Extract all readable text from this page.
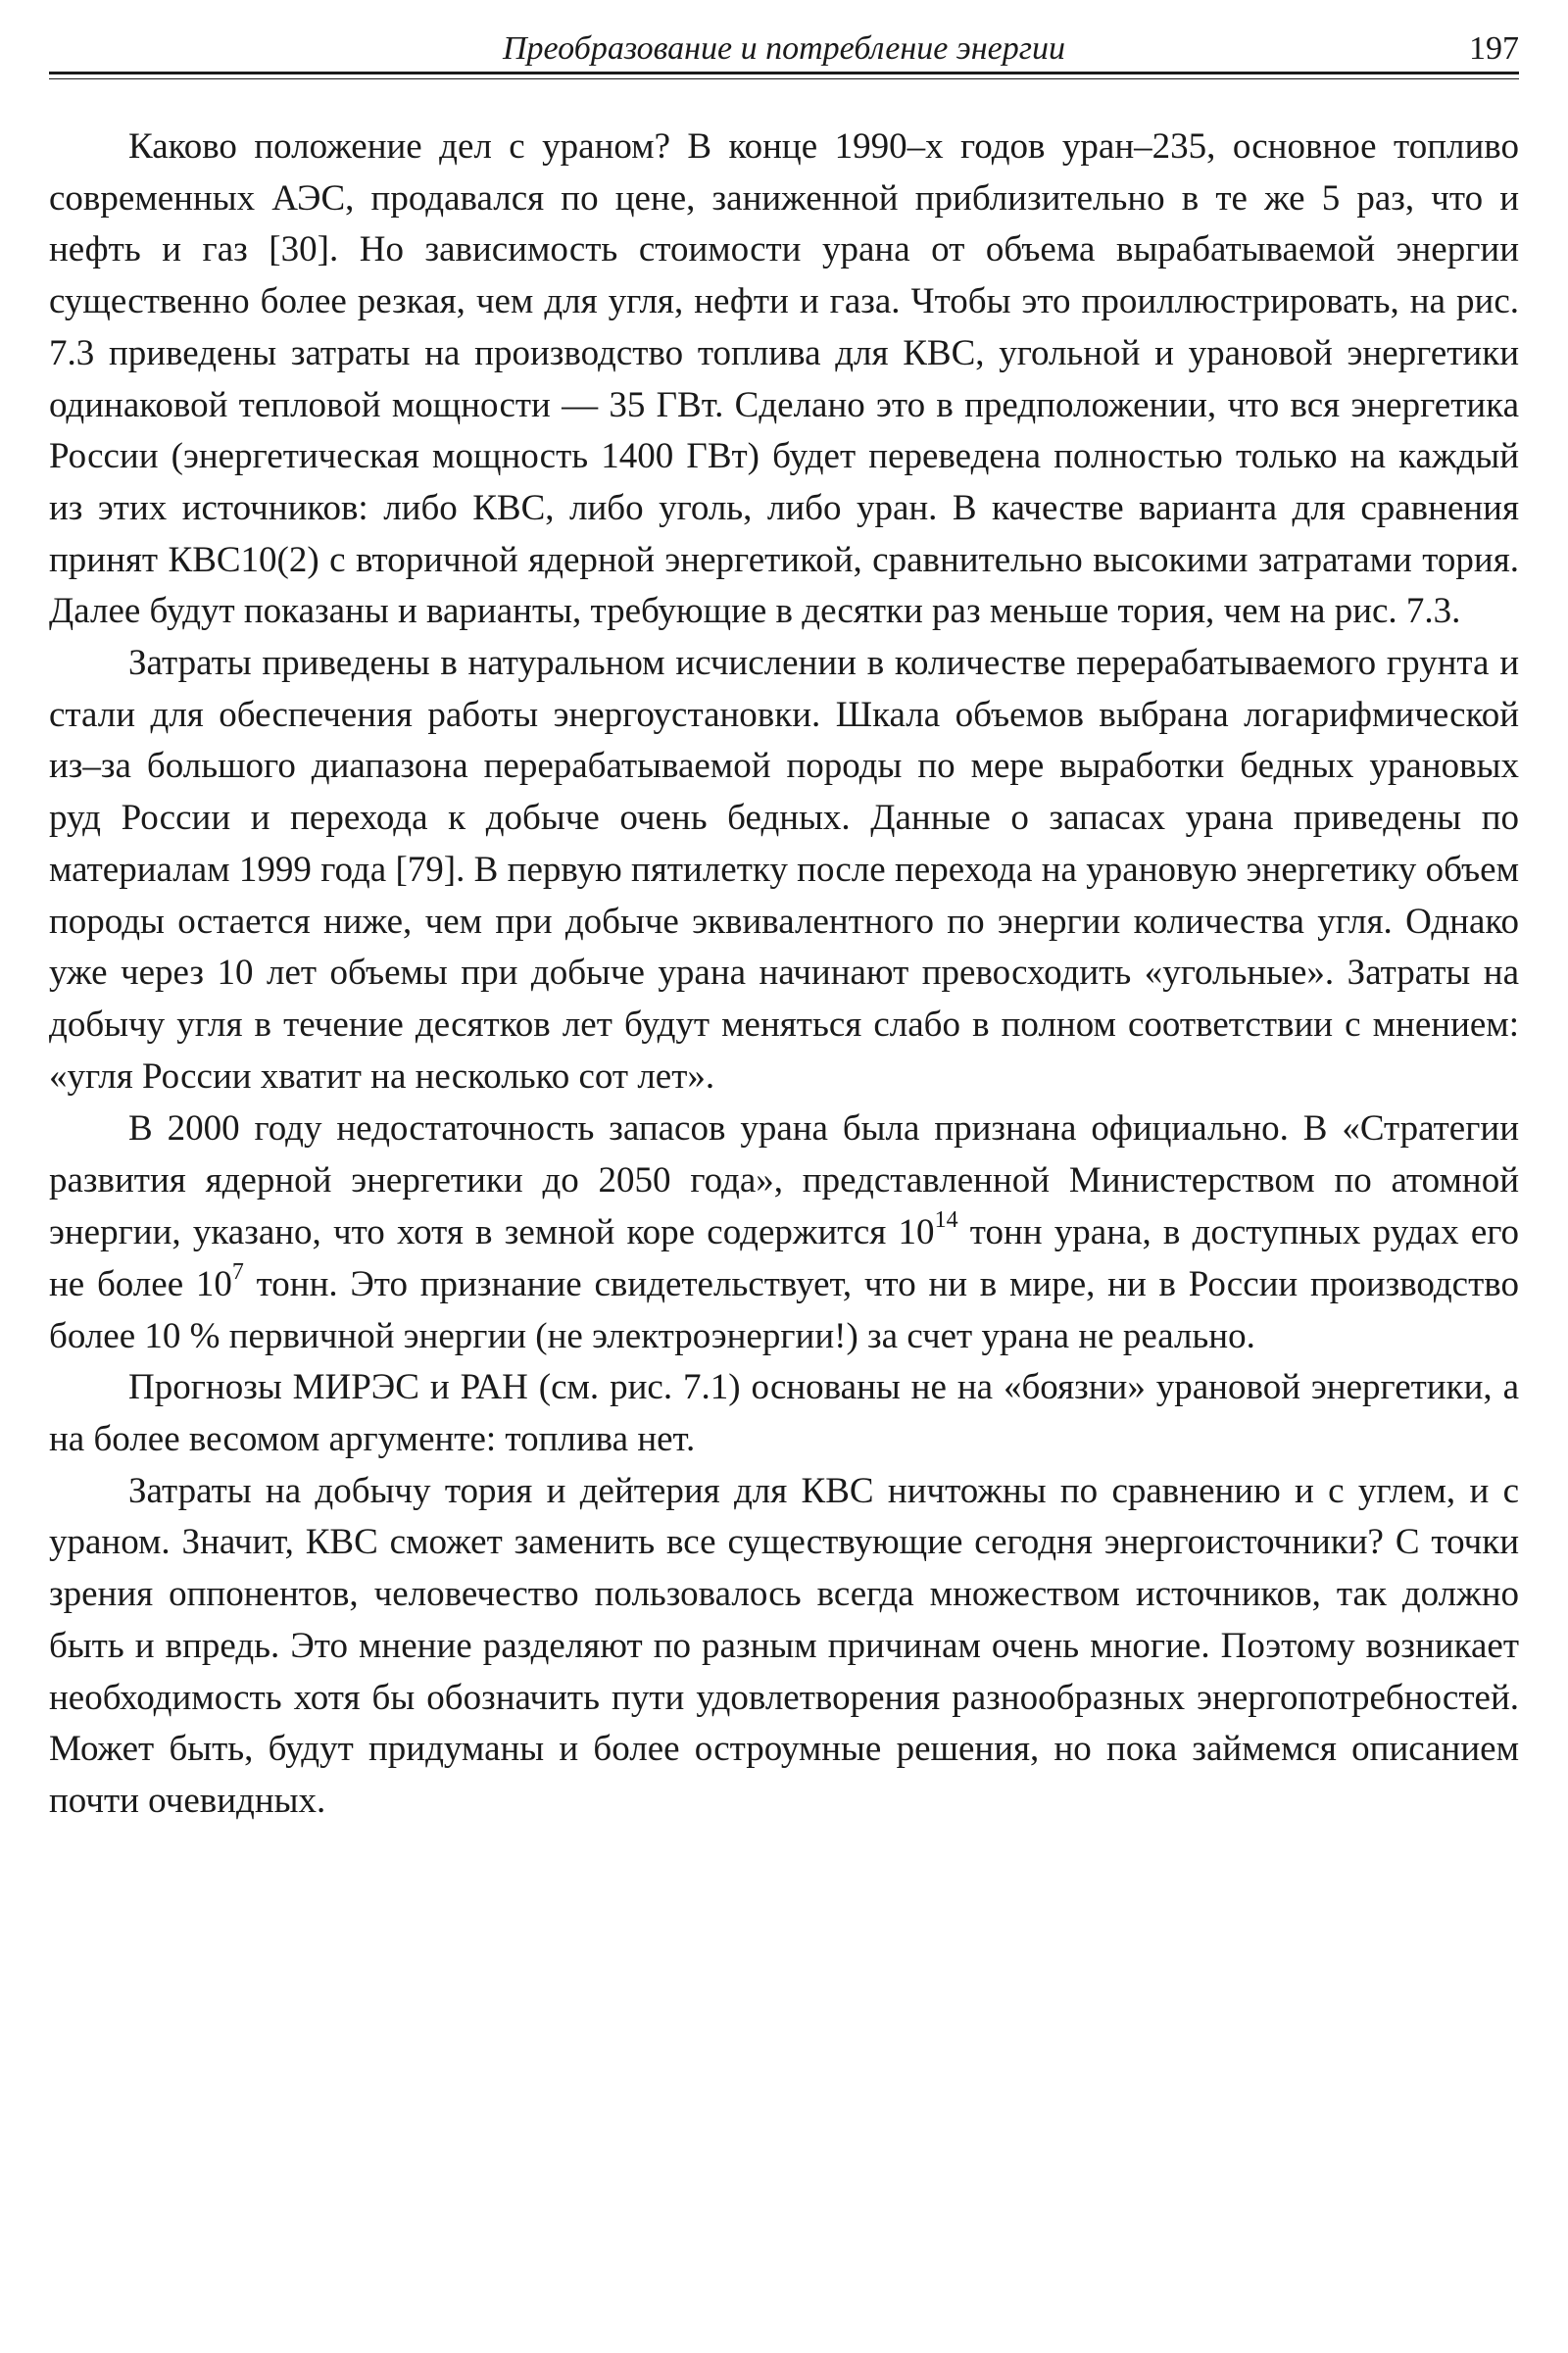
Преобразование и потребление энергии	197

Каково положение дел с ураном? В конце 1990–х годов уран–235, основное топливо современных АЭС, продавался по цене, заниженной приблизительно в те же 5 раз, что и нефть и газ [30]. Но зависимость стоимости урана от объема вырабатываемой энергии существенно более резкая, чем для угля, нефти и газа. Чтобы это проиллюстрировать, на рис. 7.3 приведены затраты на производство топлива для КВС, угольной и урановой энергетики одинаковой тепловой мощности — 35 ГВт. Сделано это в предположении, что вся энергетика России (энергетическая мощность 1400 ГВт) будет переведена полностью только на каждый из этих источников: либо КВС, либо уголь, либо уран. В качестве варианта для сравнения принят КВС10(2) с вторичной ядерной энергетикой, сравнительно высокими затратами тория. Далее будут показаны и варианты, требующие в десятки раз меньше тория, чем на рис. 7.3.

Затраты приведены в натуральном исчислении в количестве перерабатываемого грунта и стали для обеспечения работы энергоустановки. Шкала объемов выбрана логарифмической из–за большого диапазона перерабатываемой породы по мере выработки бедных урановых руд России и перехода к добыче очень бедных. Данные о запасах урана приведены по материалам 1999 года [79]. В первую пятилетку после перехода на урановую энергетику объем породы остается ниже, чем при добыче эквивалентного по энергии количества угля. Однако уже через 10 лет объемы при добыче урана начинают превосходить «угольные». Затраты на добычу угля в течение десятков лет будут меняться слабо в полном соответствии с мнением: «угля России хватит на несколько сот лет».

В 2000 году недостаточность запасов урана была признана официально. В «Стратегии развития ядерной энергетики до 2050 года», представленной Министерством по атомной энергии, указано, что хотя в земной коре содержится $10^{14}$ тонн урана, в доступных рудах его не более $10^7$ тонн. Это признание свидетельствует, что ни в мире, ни в России производство более 10 % первичной энергии (не электроэнергии!) за счет урана не реально.

Прогнозы МИРЭС и РАН (см. рис. 7.1) основаны не на «боязни» урановой энергетики, а на более весомом аргументе: топлива нет.

Затраты на добычу тория и дейтерия для КВС ничтожны по сравнению и с углем, и с ураном. Значит, КВС сможет заменить все существующие сегодня энергоисточники? С точки зрения оппонентов, человечество пользовалось всегда множеством источников, так должно быть и впредь. Это мнение разделяют по разным причинам очень многие. Поэтому возникает необходимость хотя бы обозначить пути удовлетворения разнообразных энергопотребностей. Может быть, будут придуманы и более остроумные решения, но пока займемся описанием почти очевидных.
